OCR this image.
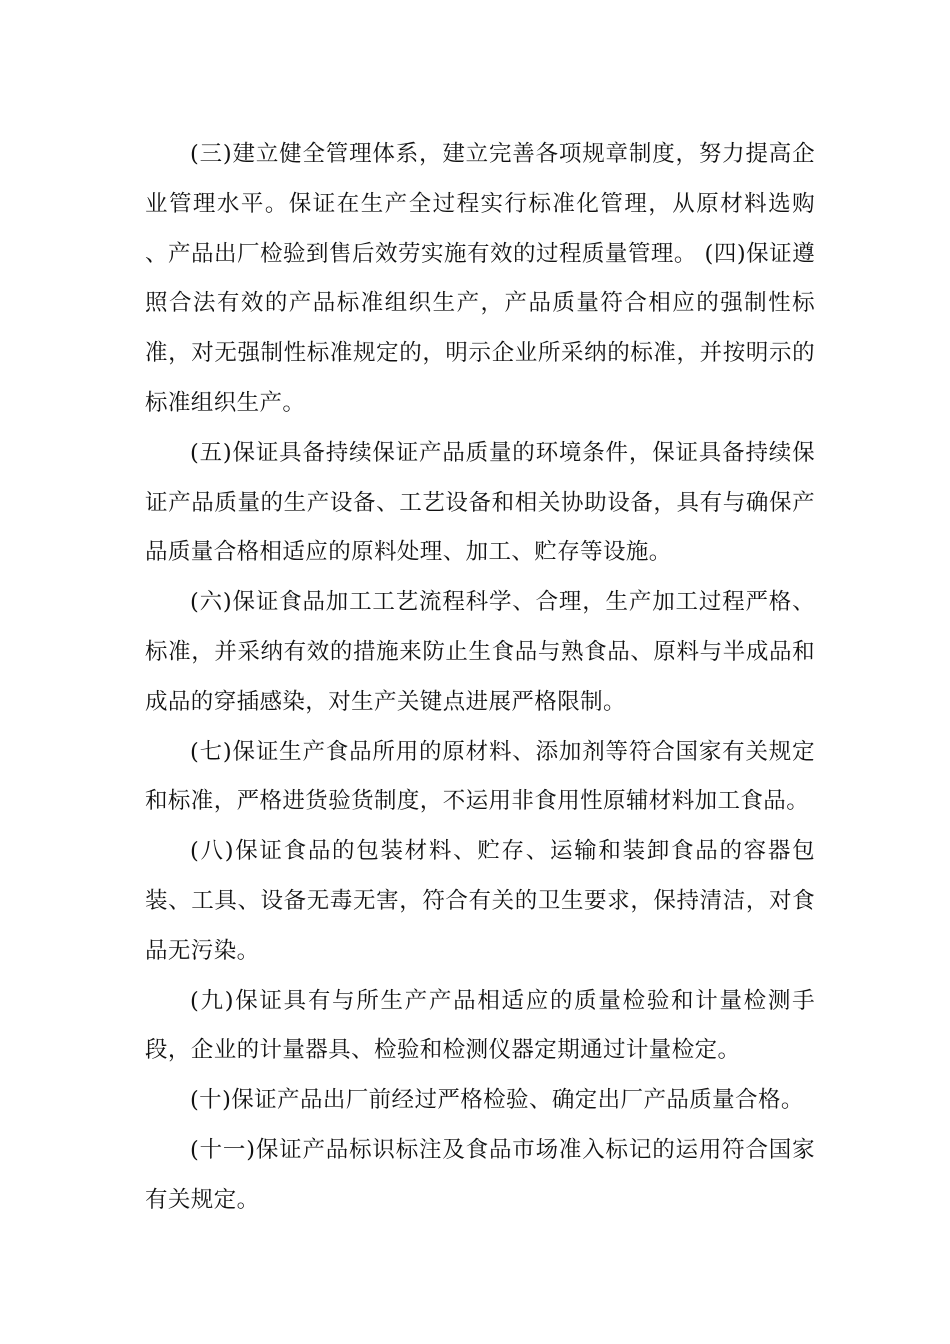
(三)建立健全管理体系，建立完善各项规章制度，努力提高企业管理水平。保证在生产全过程实行标准化管理，从原材料选购 、产品出厂检验到售后效劳实施有效的过程质量管理。 (四)保证遵照合法有效的产品标准组织生产，产品质量符合相应的强制性标准，对无强制性标准规定的，明示企业所采纳的标准，并按明示的标准组织生产。

(五)保证具备持续保证产品质量的环境条件，保证具备持续保证产品质量的生产设备、工艺设备和相关协助设备，具有与确保产品质量合格相适应的原料处理、加工、贮存等设施。

(六)保证食品加工工艺流程科学、合理，生产加工过程严格、标准，并采纳有效的措施来防止生食品与熟食品、原料与半成品和成品的穿插感染，对生产关键点进展严格限制。

(七)保证生产食品所用的原材料、添加剂等符合国家有关规定和标准，严格进货验货制度，不运用非食用性原辅材料加工食品。

(八)保证食品的包装材料、贮存、运输和装卸食品的容器包装、工具、设备无毒无害，符合有关的卫生要求，保持清洁，对食品无污染。

(九)保证具有与所生产产品相适应的质量检验和计量检测手段，企业的计量器具、检验和检测仪器定期通过计量检定。

(十)保证产品出厂前经过严格检验、确定出厂产品质量合格。

(十一)保证产品标识标注及食品市场准入标记的运用符合国家有关规定。
